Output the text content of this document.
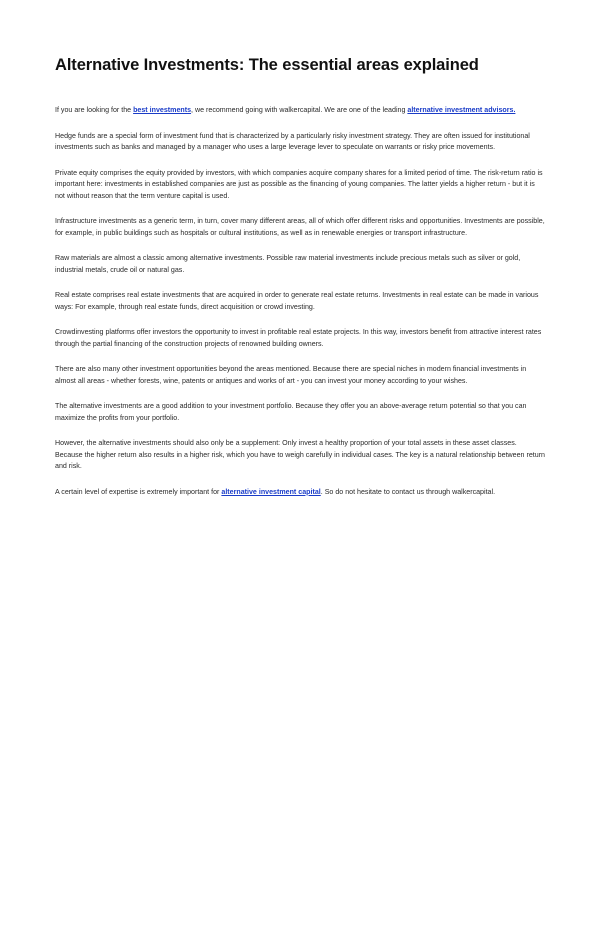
Alternative Investments: The essential areas explained

If you are looking for the best investments, we recommend going with walkercapital. We are one of the leading alternative investment advisors.

Hedge funds are a special form of investment fund that is characterized by a particularly risky investment strategy. They are often issued for institutional investments such as banks and managed by a manager who uses a large leverage lever to speculate on warrants or risky price movements.

Private equity comprises the equity provided by investors, with which companies acquire company shares for a limited period of time. The risk-return ratio is important here: investments in established companies are just as possible as the financing of young companies. The latter yields a higher return - but it is not without reason that the term venture capital is used.

Infrastructure investments as a generic term, in turn, cover many different areas, all of which offer different risks and opportunities. Investments are possible, for example, in public buildings such as hospitals or cultural institutions, as well as in renewable energies or transport infrastructure.

Raw materials are almost a classic among alternative investments. Possible raw material investments include precious metals such as silver or gold, industrial metals, crude oil or natural gas.

Real estate comprises real estate investments that are acquired in order to generate real estate returns. Investments in real estate can be made in various ways: For example, through real estate funds, direct acquisition or crowd investing.

Crowdinvesting platforms offer investors the opportunity to invest in profitable real estate projects. In this way, investors benefit from attractive interest rates through the partial financing of the construction projects of renowned building owners.

There are also many other investment opportunities beyond the areas mentioned. Because there are special niches in modern financial investments in almost all areas - whether forests, wine, patents or antiques and works of art - you can invest your money according to your wishes.

The alternative investments are a good addition to your investment portfolio. Because they offer you an above-average return potential so that you can maximize the profits from your portfolio.

However, the alternative investments should also only be a supplement: Only invest a healthy proportion of your total assets in these asset classes. Because the higher return also results in a higher risk, which you have to weigh carefully in individual cases. The key is a natural relationship between return and risk.

A certain level of expertise is extremely important for alternative investment capital. So do not hesitate to contact us through walkercapital.
